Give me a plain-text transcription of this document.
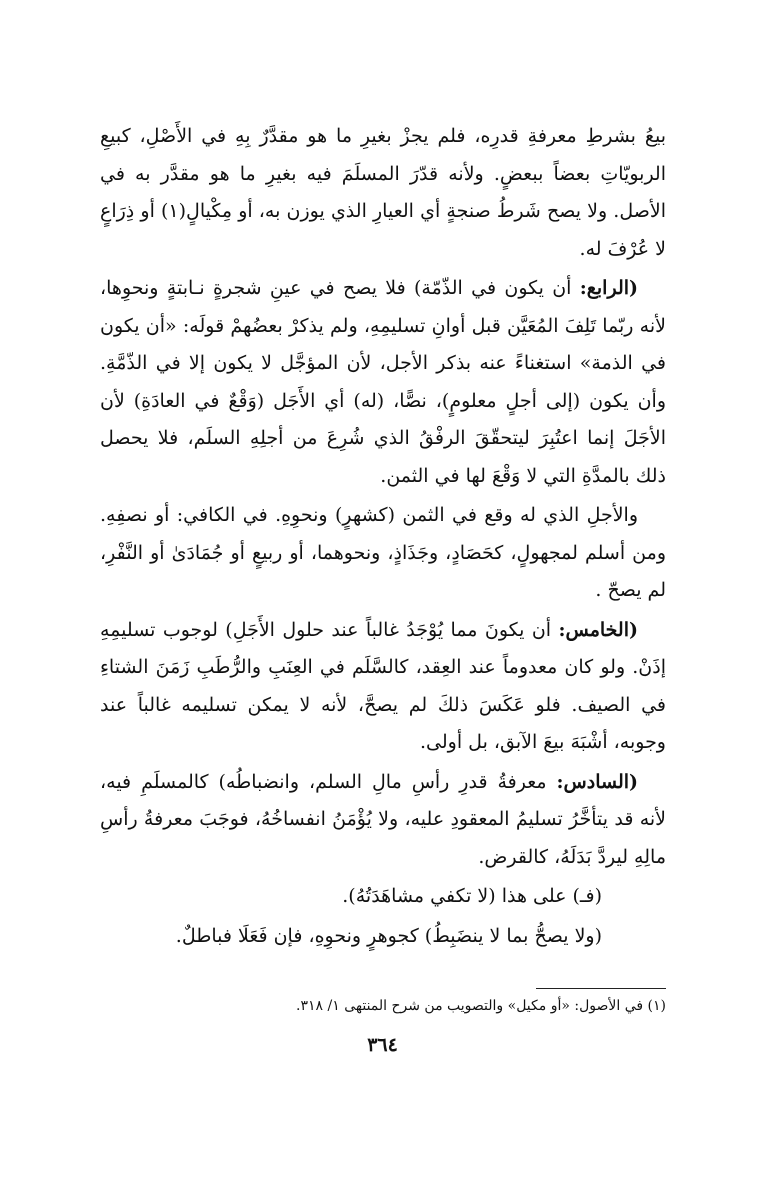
بيعُ بشرطِ معرفةِ قدرِه، فلم يجزْ بغيرِ ما هو مقدَّرٌ بِهِ في الأَصْلِ، كبيعِ الربويّاتِ بعضاً ببعضٍ. ولأنه قدّرَ المسلَمَ فيه بغيرِ ما هو مقدَّر به في الأصل. ولا يصح شَرطُ صنجةٍ أي العيارِ الذي يوزن به، أو مِكْيالٍ(١) أو ذِرَاعٍ لا عُرْفَ له.

(الرابع: أن يكون في الذّمّة) فلا يصح في عينِ شجرةٍ نـابتةٍ ونحوِها، لأنه ربّما تَلِفَ المُعَيَّن قبل أوانِ تسليمِهِ، ولم يذكرْ بعضُهمْ قولَه: «أن يكون في الذمة» استغناءً عنه بذكر الأجل، لأن المؤجَّل لا يكون إلا في الذّمَّةِ. وأن يكون (إلى أجلٍ معلومٍ)، نصًّا، (له) أي الأَجَل (وَقْعٌ في العادَةِ) لأن الأجَلَ إنما اعتُبِرَ ليتحقّقَ الرفْقُ الذي شُرِعَ من أجلِهِ السلَم، فلا يحصل ذلك بالمدَّةِ التي لا وَقْعَ لها في الثمن.

والأجلِ الذي له وقع في الثمن (كشهرٍ) ونحوِهِ. في الكافي: أو نصفِهِ. ومن أسلم لمجهولٍ، كحَصَادٍ، وجَذَاذٍ، ونحوهما، أو ربيعٍ أو جُمَادَىٰ أو النَّفْرِ، لم يصحّ .

(الخامس: أن يكونَ مما يُوْجَدُ غالباً عند حلول الأَجَلِ) لوجوب تسليمِهِ إذَنْ. ولو كان معدوماً عند العِقد، كالسَّلَم في العِنَبِ والرُّطَبِ زَمَنَ الشتاءِ في الصيف. فلو عَكَسَ ذلكَ لم يصحَّ، لأنه لا يمكن تسليمه غالباً عند وجوبه، أشْبَهَ بيعَ الآبق، بل أولى.

(السادس: معرفةُ قدرِ رأسِ مالِ السلم، وانضباطُه) كالمسلَمِ فيه، لأنه قد يتأخَّرُ تسليمُ المعقودِ عليه، ولا يُؤْمَنُ انفساخُهُ، فوجَبَ معرفةُ رأسِ مالِهِ ليردَّ بَدَلَهُ، كالقرض.

(فـ) على هذا (لا تكفي مشاهَدَتُهُ).

(ولا يصحُّ بما لا ينضَبِطُ) كجوهرٍ ونحوِهِ، فإن فَعَلَا فباطلٌ.

(١) في الأصول: «أو مكيل» والتصويب من شرح المنتهى ١/ ٣١٨.
٣٦٤
